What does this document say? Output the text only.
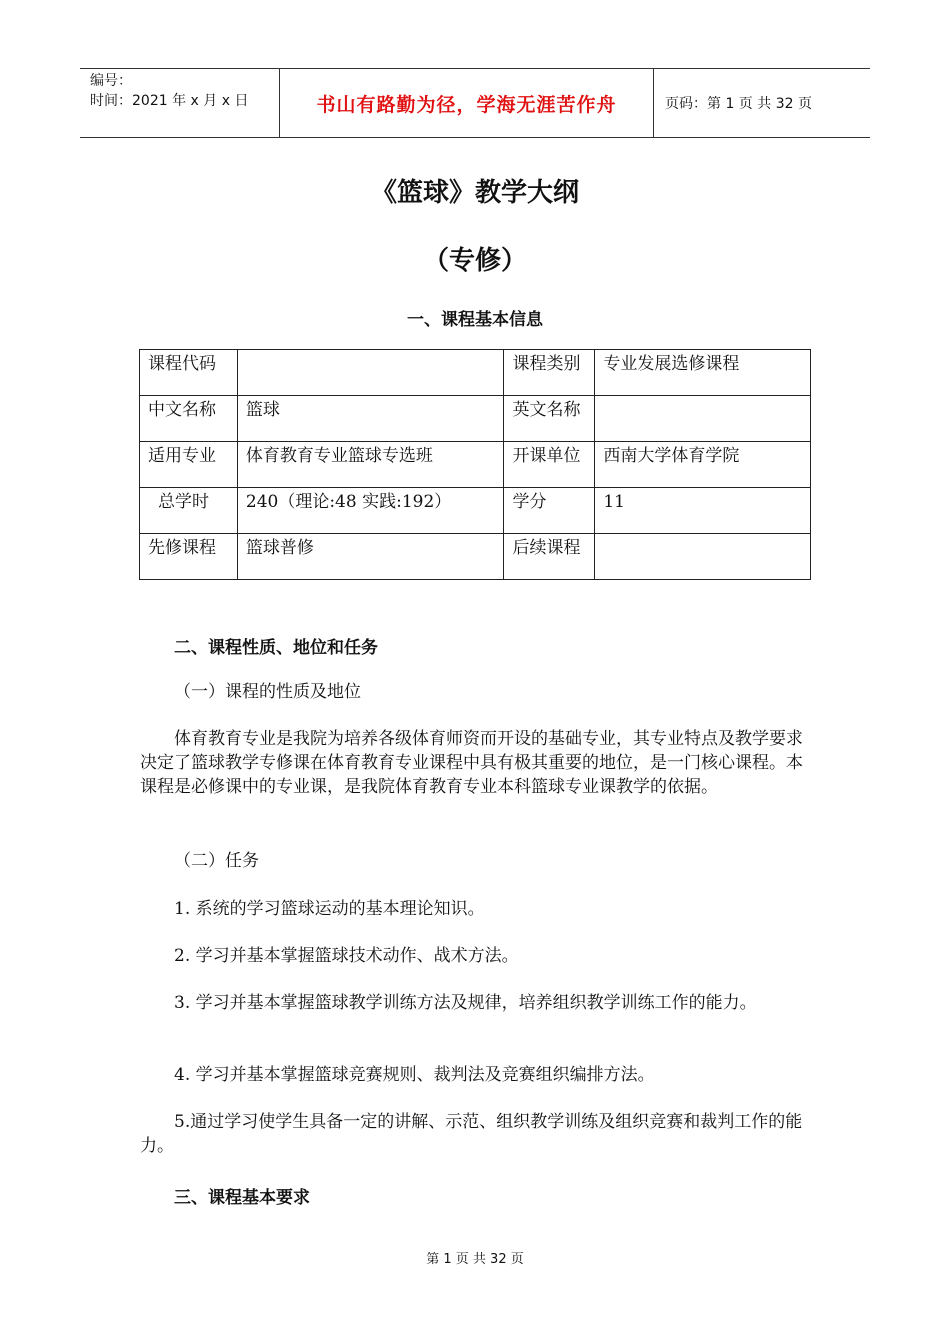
编号：
时间：2021 年 x 月 x 日	书山有路勤为径，学海无涯苦作舟	页码：第 1 页 共 32 页
《篮球》教学大纲
（专修）
一、课程基本信息
课程代码		课程类别	专业发展选修课程
中文名称	篮球	英文名称	
适用专业	体育教育专业篮球专选班	开课单位	西南大学体育学院
总学时	240（理论:48 实践:192）	学分	11
先修课程	篮球普修	后续课程	
二、课程性质、地位和任务
（一）课程的性质及地位
体育教育专业是我院为培养各级体育师资而开设的基础专业，其专业特点及教学要求决定了篮球教学专修课在体育教育专业课程中具有极其重要的地位，是一门核心课程。本课程是必修课中的专业课，是我院体育教育专业本科篮球专业课教学的依据。
（二）任务
1. 系统的学习篮球运动的基本理论知识。
2. 学习并基本掌握篮球技术动作、战术方法。
3. 学习并基本掌握篮球教学训练方法及规律，培养组织教学训练工作的能力。
4. 学习并基本掌握篮球竞赛规则、裁判法及竞赛组织编排方法。
5.通过学习使学生具备一定的讲解、示范、组织教学训练及组织竞赛和裁判工作的能力。
三、课程基本要求
第 1 页 共 32 页
